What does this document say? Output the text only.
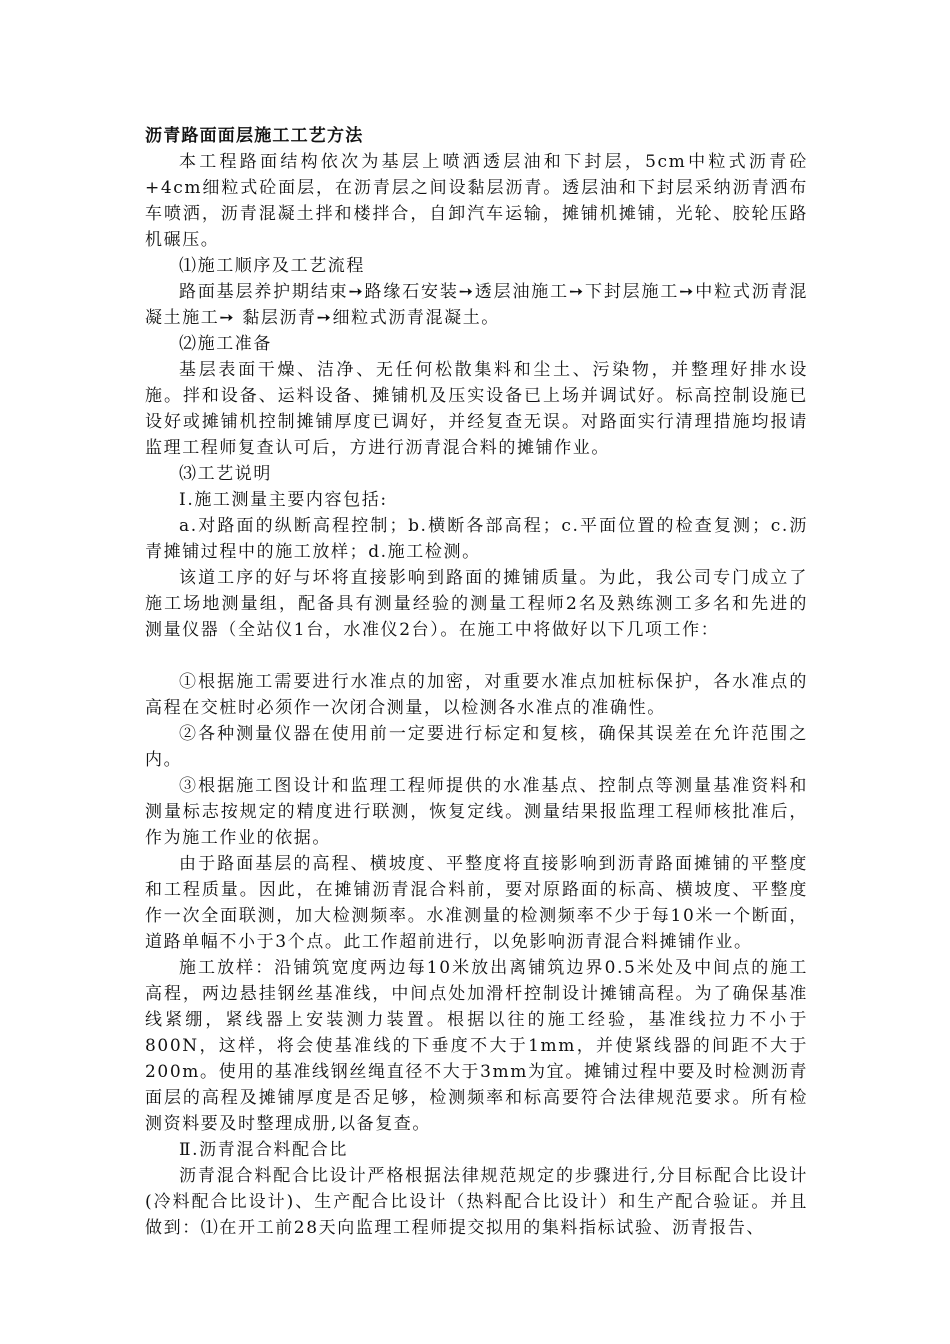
沥青路面面层施工工艺方法

本工程路面结构依次为基层上喷洒透层油和下封层，5cm中粒式沥青砼+4cm细粒式砼面层，在沥青层之间设黏层沥青。透层油和下封层采纳沥青洒布车喷洒，沥青混凝土拌和楼拌合，自卸汽车运输，摊铺机摊铺，光轮、胶轮压路机碾压。

⑴施工顺序及工艺流程

路面基层养护期结束➙路缘石安装➙透层油施工➙下封层施工➙中粒式沥青混凝土施工➙ 黏层沥青➙细粒式沥青混凝土。

⑵施工准备

基层表面干燥、洁净、无任何松散集料和尘土、污染物，并整理好排水设施。拌和设备、运料设备、摊铺机及压实设备已上场并调试好。标高控制设施已设好或摊铺机控制摊铺厚度已调好，并经复查无误。对路面实行清理措施均报请监理工程师复查认可后，方进行沥青混合料的摊铺作业。

⑶工艺说明

Ⅰ.施工测量主要内容包括:

a.对路面的纵断高程控制；b.横断各部高程；c.平面位置的检查复测；c.沥青摊铺过程中的施工放样；d.施工检测。

该道工序的好与坏将直接影响到路面的摊铺质量。为此，我公司专门成立了施工场地测量组，配备具有测量经验的测量工程师2名及熟练测工多名和先进的测量仪器（全站仪1台，水准仪2台）。在施工中将做好以下几项工作：

①根据施工需要进行水准点的加密，对重要水准点加桩标保护，各水准点的高程在交桩时必须作一次闭合测量，以检测各水准点的准确性。

②各种测量仪器在使用前一定要进行标定和复核，确保其误差在允许范围之内。

③根据施工图设计和监理工程师提供的水准基点、控制点等测量基准资料和测量标志按规定的精度进行联测，恢复定线。测量结果报监理工程师核批准后，作为施工作业的依据。

由于路面基层的高程、横坡度、平整度将直接影响到沥青路面摊铺的平整度和工程质量。因此，在摊铺沥青混合料前，要对原路面的标高、横坡度、平整度作一次全面联测，加大检测频率。水准测量的检测频率不少于每10米一个断面，道路单幅不小于3个点。此工作超前进行，以免影响沥青混合料摊铺作业。

施工放样：沿铺筑宽度两边每10米放出离铺筑边界0.5米处及中间点的施工高程，两边悬挂钢丝基准线，中间点处加滑杆控制设计摊铺高程。为了确保基准线紧绷，紧线器上安装测力装置。根据以往的施工经验，基准线拉力不小于800N，这样，将会使基准线的下垂度不大于1mm，并使紧线器的间距不大于200m。使用的基准线钢丝绳直径不大于3mm为宜。摊铺过程中要及时检测沥青面层的高程及摊铺厚度是否足够，检测频率和标高要符合法律规范要求。所有检测资料要及时整理成册,以备复查。

Ⅱ.沥青混合料配合比

沥青混合料配合比设计严格根据法律规范规定的步骤进行,分目标配合比设计(冷料配合比设计)、生产配合比设计（热料配合比设计）和生产配合验证。并且做到：⑴在开工前28天向监理工程师提交拟用的集料指标试验、沥青报告、
